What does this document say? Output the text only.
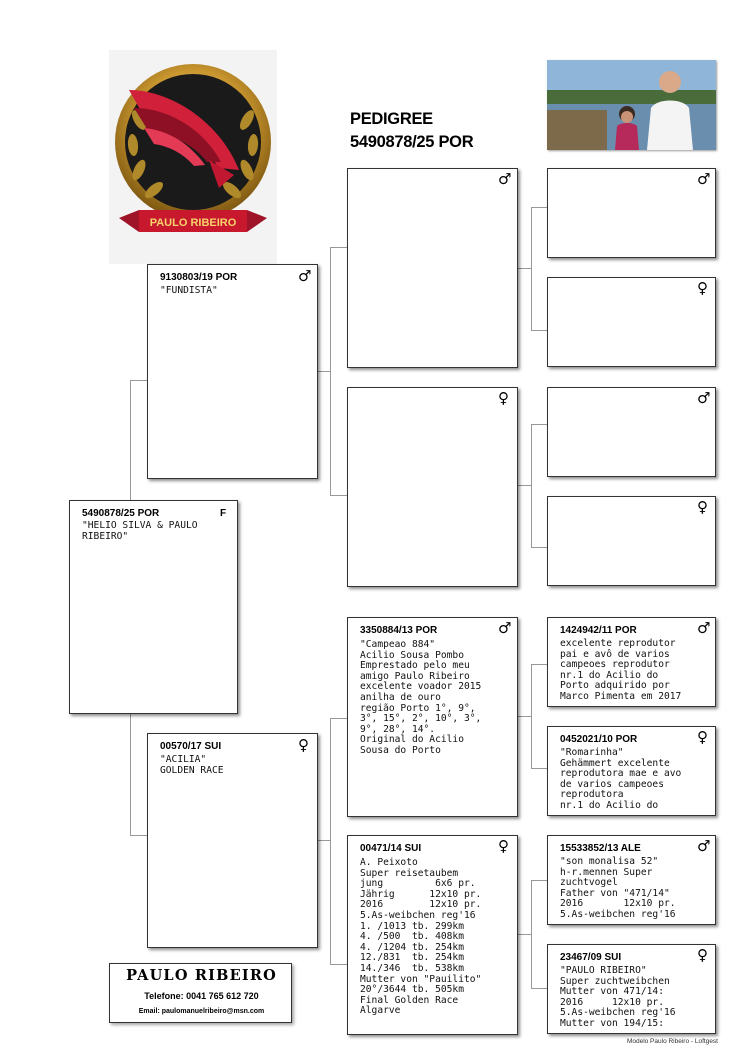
PAULO RIBEIRO
PEDIGREE
5490878/25 POR
5490878/25 POR	F
"HELIO SILVA & PAULO
RIBEIRO"
9130803/19 POR	♂
"FUNDISTA"
00570/17 SUI	♀
"ACILIA"
GOLDEN RACE
♂
♀
3350884/13 POR	♂
"Campeao 884"
Acilio Sousa Pombo
Emprestado pelo meu
amigo Paulo Ribeiro
excelente voador 2015
anilha de ouro
região Porto 1°, 9°,
3°, 15°, 2°, 10°, 3°,
9°, 28°, 14°.
Original do Acilio
Sousa do Porto
00471/14 SUI	♀
A. Peixoto
Super reisetaubem
jung         6x6 pr.
Jährig      12x10 pr.
2016        12x10 pr.
5.As-weibchen reg'16
1. /1013 tb. 299km
4. /500  tb. 408km
4. /1204 tb. 254km
12./831  tb. 254km
14./346  tb. 538km
Mutter von "Pauilito"
20°/3644 tb. 505km
Final Golden Race
Algarve
♂
♀
♂
♀
1424942/11 POR	♂
excelente reprodutor
pai e avô de varios
campeoes reprodutor
nr.1 do Acilio do
Porto adquirido por
Marco Pimenta em 2017
0452021/10 POR	♀
"Romarinha"
Gehämmert excelente
reprodutora mae e avo
de varios campeoes
reprodutora
nr.1 do Acilio do
15533852/13 ALE	♂
"son monalisa 52"
h-r.mennen Super
zuchtvogel
Father von "471/14"
2016       12x10 pr.
5.As-weibchen reg'16
23467/09 SUI	♀
"PAULO RIBEIRO"
Super zuchtweibchen
Mutter von 471/14:
2016     12x10 pr.
5.As-weibchen reg'16
Mutter von 194/15:
PAULO RIBEIRO
Telefone: 0041 765 612 720
Email: paulomanuelribeiro@msn.com
Modelo Paulo Ribeiro - Loftgest
